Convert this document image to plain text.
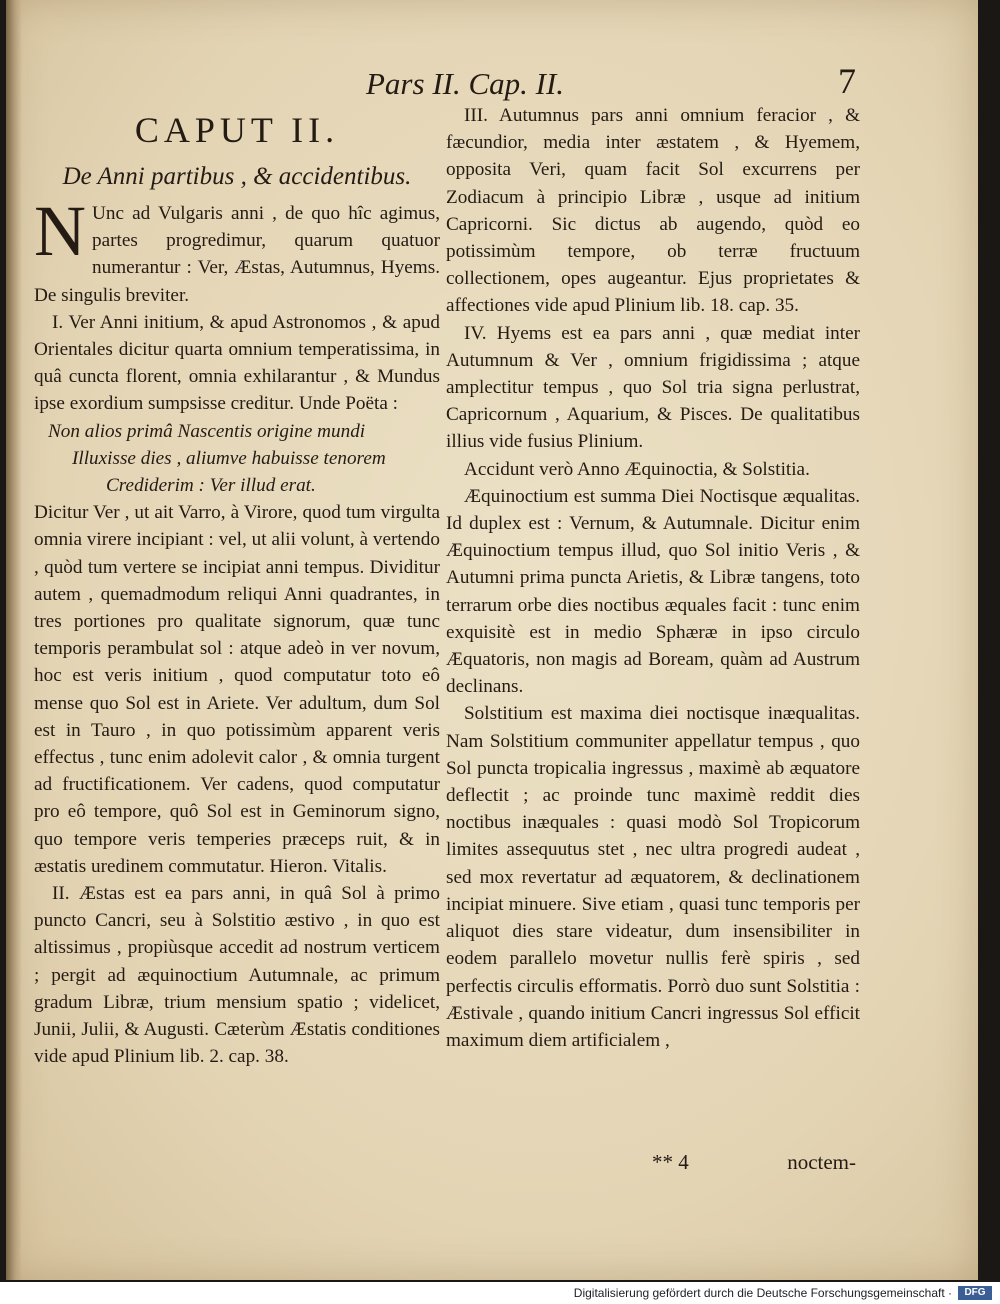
Pars II. Cap. II.	7
CAPUT II.

De Anni partibus , & accidentibus.

N Unc ad Vulgaris anni , de quo hîc agimus, partes progredimur, quarum quatuor numerantur : Ver, Æstas, Autumnus, Hyems. De singulis breviter.

I. Ver Anni initium, & apud Astronomos , & apud Orientales dicitur quarta omnium temperatissima, in quâ cuncta florent, omnia exhilarantur , & Mundus ipse exordium sumpsisse creditur. Unde Poëta :

Non alios primâ Nascentis origine mundi
Illuxisse dies , aliumve habuisse tenorem
Crediderim : Ver illud erat.

Dicitur Ver , ut ait Varro, à Virore, quod tum virgulta omnia virere incipiant : vel, ut alii volunt, à vertendo , quòd tum vertere se incipiat anni tempus. Dividitur autem , quemadmodum reliqui Anni quadrantes, in tres portiones pro qualitate signorum, quæ tunc temporis perambulat sol : atque adeò in ver novum, hoc est veris initium , quod computatur toto eô mense quo Sol est in Ariete. Ver adultum, dum Sol est in Tauro , in quo potissimùm apparent veris effectus , tunc enim adolevit calor , & omnia turgent ad fructificationem. Ver cadens, quod computatur pro eô tempore, quô Sol est in Geminorum signo, quo tempore veris temperies præceps ruit, & in æstatis uredinem commutatur. Hieron. Vitalis.

II. Æstas est ea pars anni, in quâ Sol à primo puncto Cancri, seu à Solstitio æstivo , in quo est altissimus , propiùsque accedit ad nostrum verticem ; pergit ad æquinoctium Autumnale, ac primum gradum Libræ, trium mensium spatio ; videlicet, Junii, Julii, & Augusti. Cæterùm Æstatis conditiones vide apud Plinium lib. 2. cap. 38.

III. Autumnus pars anni omnium feracior , & fæcundior, media inter æstatem , & Hyemem, opposita Veri, quam facit Sol excurrens per Zodiacum à principio Libræ , usque ad initium Capricorni. Sic dictus ab augendo, quòd eo potissimùm tempore, ob terræ fructuum collectionem, opes augeantur. Ejus proprietates & affectiones vide apud Plinium lib. 18. cap. 35.

IV. Hyems est ea pars anni , quæ mediat inter Autumnum & Ver , omnium frigidissima ; atque amplectitur tempus , quo Sol tria signa perlustrat, Capricornum , Aquarium, & Pisces. De qualitatibus illius vide fusius Plinium.

Accidunt verò Anno Æquinoctia, & Solstitia.

Æquinoctium est summa Diei Noctisque æqualitas. Id duplex est : Vernum, & Autumnale. Dicitur enim Æquinoctium tempus illud, quo Sol initio Veris , & Autumni prima puncta Arietis, & Libræ tangens, toto terrarum orbe dies noctibus æquales facit : tunc enim exquisitè est in medio Sphæræ in ipso circulo Æquatoris, non magis ad Boream, quàm ad Austrum declinans.

Solstitium est maxima diei noctisque inæqualitas. Nam Solstitium communiter appellatur tempus , quo Sol puncta tropicalia ingressus , maximè ab æquatore deflectit ; ac proinde tunc maximè reddit dies noctibus inæquales : quasi modò Sol Tropicorum limites assequutus stet , nec ultra progredi audeat , sed mox revertatur ad æquatorem, & declinationem incipiat minuere. Sive etiam , quasi tunc temporis per aliquot dies stare videatur, dum insensibiliter in eodem parallelo movetur nullis ferè spiris , sed perfectis circulis efformatis. Porrò duo sunt Solstitia : Æstivale , quando initium Cancri ingressus Sol efficit maximum diem artificialem ,

** 4	noctem-
Digitalisierung gefördert durch die Deutsche Forschungsgemeinschaft ·	DFG
